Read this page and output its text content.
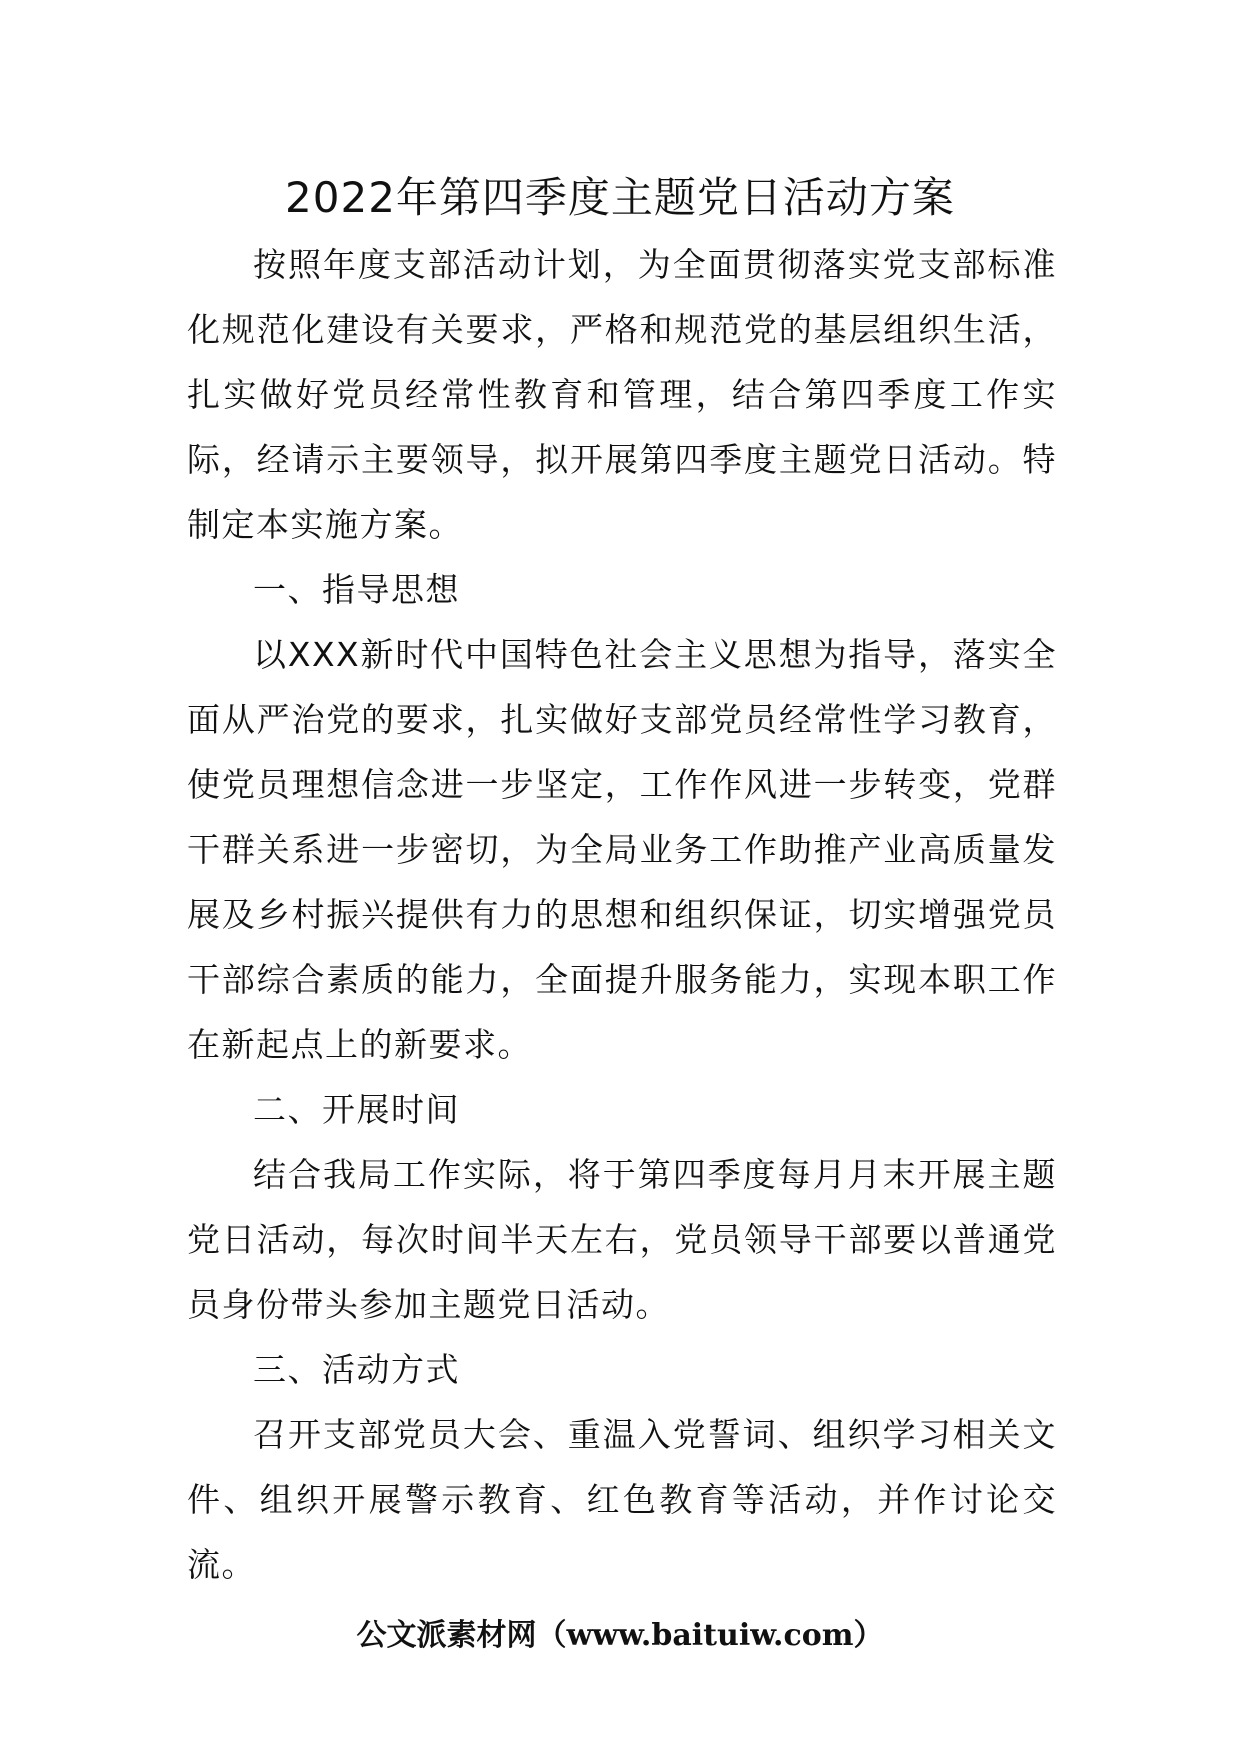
2022年第四季度主题党日活动方案

按照年度支部活动计划，为全面贯彻落实党支部标准化规范化建设有关要求，严格和规范党的基层组织生活，扎实做好党员经常性教育和管理，结合第四季度工作实际，经请示主要领导，拟开展第四季度主题党日活动。特制定本实施方案。

一、指导思想

以XXX新时代中国特色社会主义思想为指导，落实全面从严治党的要求，扎实做好支部党员经常性学习教育，使党员理想信念进一步坚定，工作作风进一步转变，党群干群关系进一步密切，为全局业务工作助推产业高质量发展及乡村振兴提供有力的思想和组织保证，切实增强党员干部综合素质的能力，全面提升服务能力，实现本职工作在新起点上的新要求。

二、开展时间

结合我局工作实际，将于第四季度每月月末开展主题党日活动，每次时间半天左右，党员领导干部要以普通党员身份带头参加主题党日活动。

三、活动方式

召开支部党员大会、重温入党誓词、组织学习相关文件、组织开展警示教育、红色教育等活动，并作讨论交流。

公文派素材网（www.baituiw.com）
